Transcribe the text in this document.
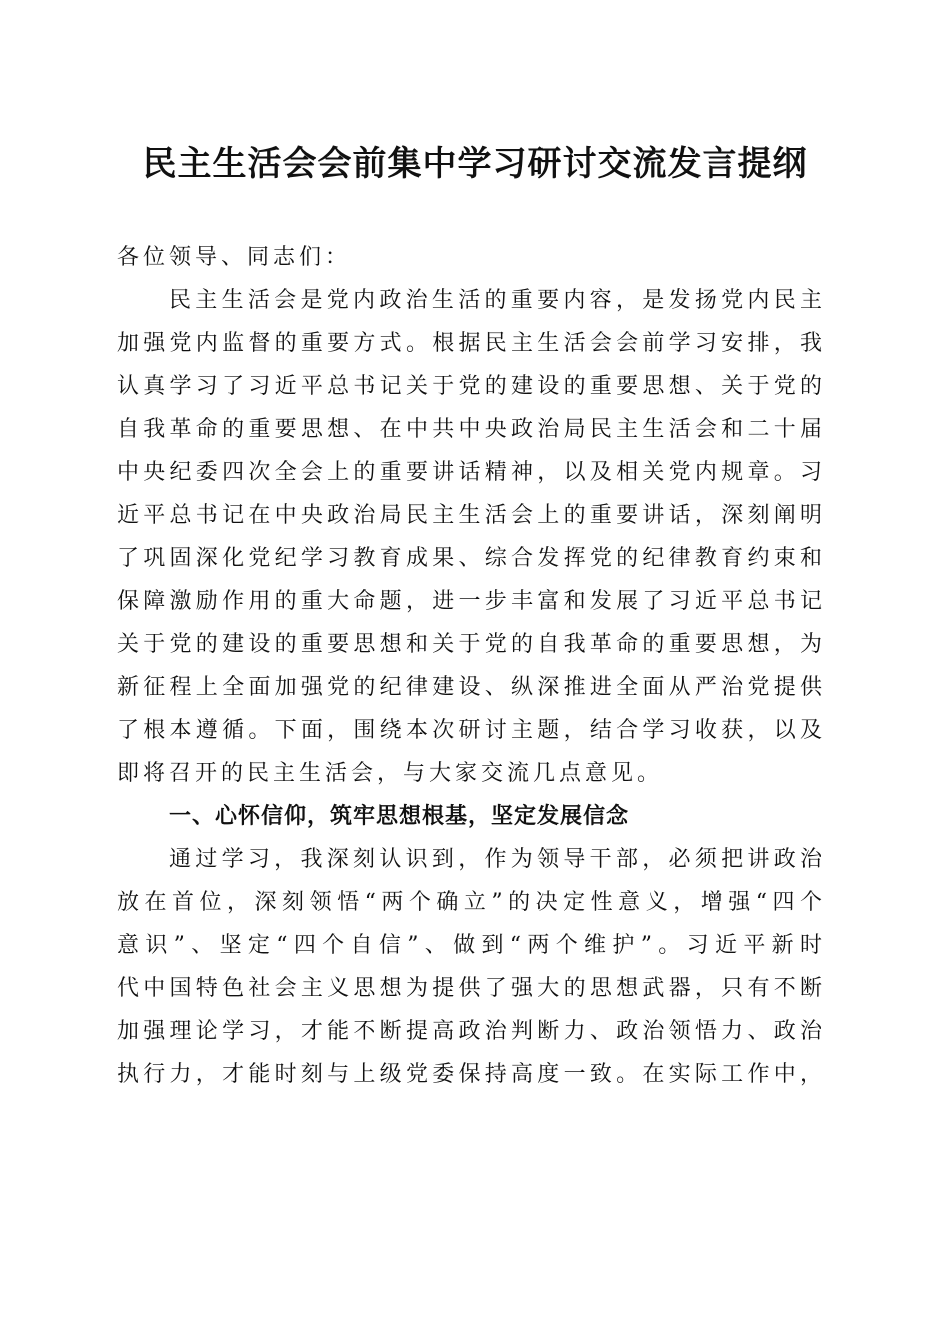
民主生活会会前集中学习研讨交流发言提纲
各位领导、同志们：
民主生活会是党内政治生活的重要内容，是发扬党内民主
加强党内监督的重要方式。根据民主生活会会前学习安排，我
认真学习了习近平总书记关于党的建设的重要思想、关于党的
自我革命的重要思想、在中共中央政治局民主生活会和二十届
中央纪委四次全会上的重要讲话精神，以及相关党内规章。习
近平总书记在中央政治局民主生活会上的重要讲话，深刻阐明
了巩固深化党纪学习教育成果、综合发挥党的纪律教育约束和
保障激励作用的重大命题，进一步丰富和发展了习近平总书记
关于党的建设的重要思想和关于党的自我革命的重要思想，为
新征程上全面加强党的纪律建设、纵深推进全面从严治党提供
了根本遵循。下面，围绕本次研讨主题，结合学习收获，以及
即将召开的民主生活会，与大家交流几点意见。
一、心怀信仰，筑牢思想根基，坚定发展信念
通过学习，我深刻认识到，作为领导干部，必须把讲政治
放在首位，深刻领悟“两个确立”的决定性意义，增强“四个
意识”、坚定“四个自信”、做到“两个维护”。习近平新时
代中国特色社会主义思想为提供了强大的思想武器，只有不断
加强理论学习，才能不断提高政治判断力、政治领悟力、政治
执行力，才能时刻与上级党委保持高度一致。在实际工作中，
